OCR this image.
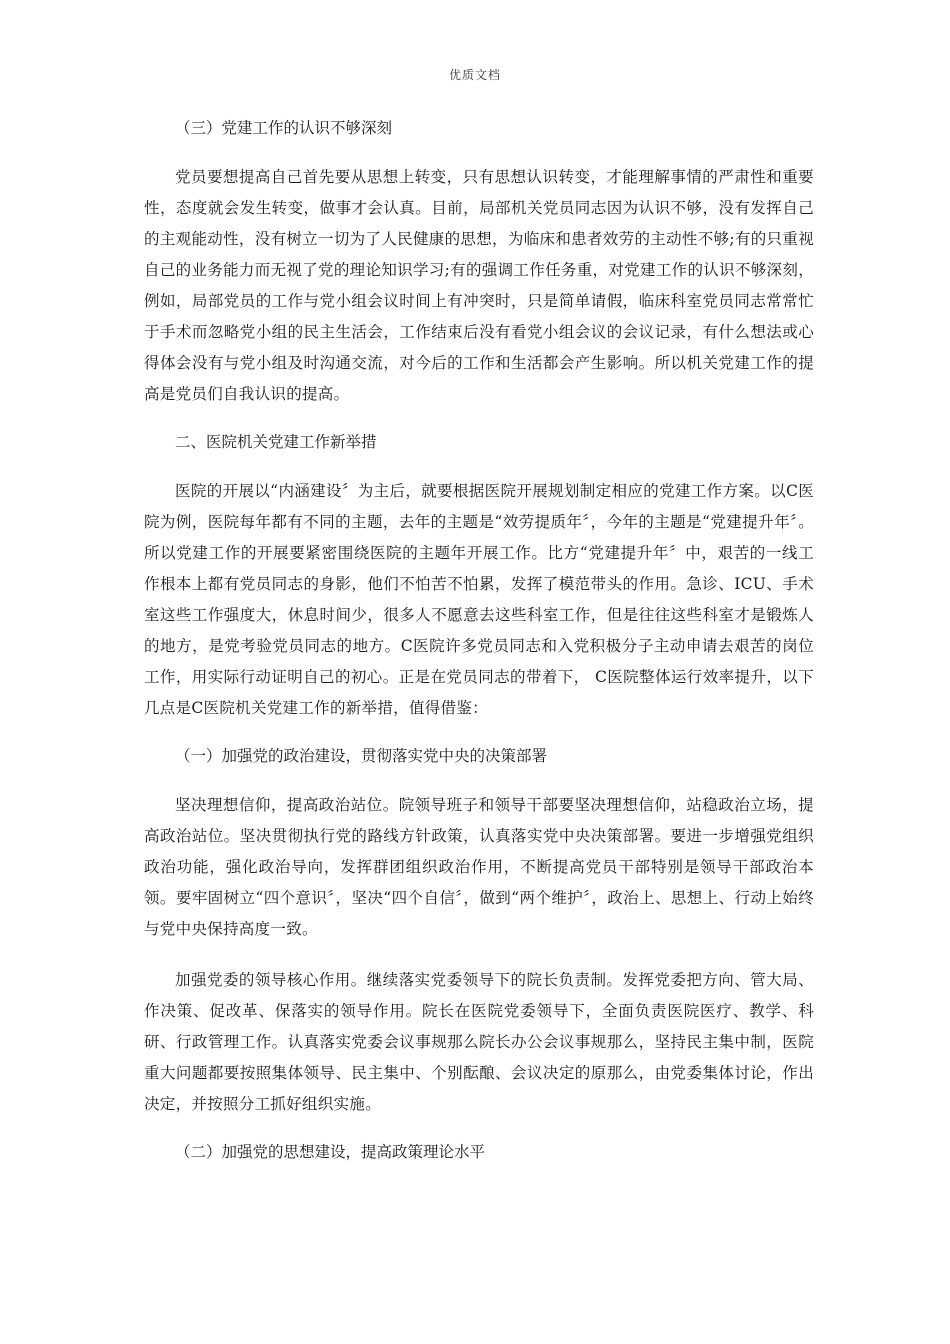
优质文档

（三）党建工作的认识不够深刻

党员要想提高自己首先要从思想上转变，只有思想认识转变，才能理解事情的严肃性和重要性，态度就会发生转变，做事才会认真。目前，局部机关党员同志因为认识不够，没有发挥自己的主观能动性，没有树立一切为了人民健康的思想，为临床和患者效劳的主动性不够;有的只重视自己的业务能力而无视了党的理论知识学习;有的强调工作任务重，对党建工作的认识不够深刻，例如，局部党员的工作与党小组会议时间上有冲突时，只是简单请假，临床科室党员同志常常忙于手术而忽略党小组的民主生活会，工作结束后没有看党小组会议的会议记录，有什么想法或心得体会没有与党小组及时沟通交流，对今后的工作和生活都会产生影响。所以机关党建工作的提高是党员们自我认识的提高。

二、医院机关党建工作新举措

医院的开展以“内涵建设〞为主后，就要根据医院开展规划制定相应的党建工作方案。以C医院为例，医院每年都有不同的主题，去年的主题是“效劳提质年〞，今年的主题是“党建提升年〞。所以党建工作的开展要紧密围绕医院的主题年开展工作。比方“党建提升年〞中，艰苦的一线工作根本上都有党员同志的身影，他们不怕苦不怕累，发挥了模范带头的作用。急诊、ICU、手术室这些工作强度大，休息时间少，很多人不愿意去这些科室工作，但是往往这些科室才是锻炼人的地方，是党考验党员同志的地方。C医院许多党员同志和入党积极分子主动申请去艰苦的岗位工作，用实际行动证明自己的初心。正是在党员同志的带着下， C医院整体运行效率提升，以下几点是C医院机关党建工作的新举措，值得借鉴：

（一）加强党的政治建设，贯彻落实党中央的决策部署

坚决理想信仰，提高政治站位。院领导班子和领导干部要坚决理想信仰，站稳政治立场，提高政治站位。坚决贯彻执行党的路线方针政策，认真落实党中央决策部署。要进一步增强党组织政治功能，强化政治导向，发挥群团组织政治作用，不断提高党员干部特别是领导干部政治本领。要牢固树立“四个意识〞，坚决“四个自信〞，做到“两个维护〞，政治上、思想上、行动上始终与党中央保持高度一致。

加强党委的领导核心作用。继续落实党委领导下的院长负责制。发挥党委把方向、管大局、作决策、促改革、保落实的领导作用。院长在医院党委领导下，全面负责医院医疗、教学、科研、行政管理工作。认真落实党委会议事规那么院长办公会议事规那么，坚持民主集中制，医院重大问题都要按照集体领导、民主集中、个别酝酿、会议决定的原那么，由党委集体讨论，作出决定，并按照分工抓好组织实施。

（二）加强党的思想建设，提高政策理论水平
